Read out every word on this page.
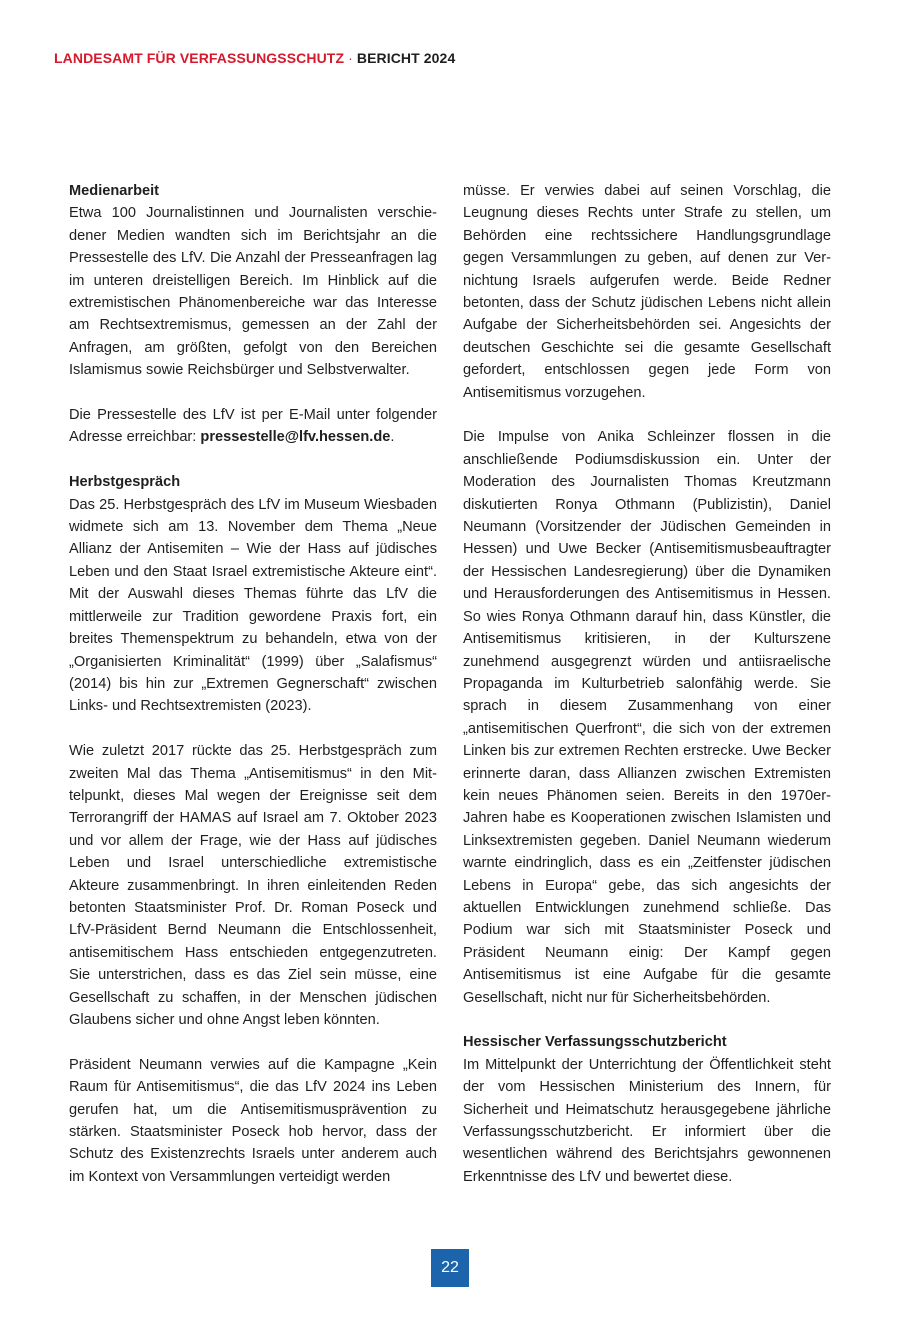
LANDESAMT FÜR VERFASSUNGSSCHUTZ · BERICHT 2024
Medienarbeit

Etwa 100 Journalistinnen und Journalisten verschiedener Medien wandten sich im Berichtsjahr an die Pressestelle des LfV. Die Anzahl der Presseanfragen lag im unteren dreistelligen Bereich. Im Hinblick auf die extremistischen Phänomenbereiche war das Interesse am Rechtsextremismus, gemessen an der Zahl der Anfragen, am größten, gefolgt von den Bereichen Islamismus sowie Reichsbürger und Selbstverwalter.

Die Pressestelle des LfV ist per E-Mail unter folgender Adresse erreichbar: pressestelle@lfv.hessen.de.

Herbstgespräch

Das 25. Herbstgespräch des LfV im Museum Wiesbaden widmete sich am 13. November dem Thema „Neue Allianz der Antisemiten – Wie der Hass auf jüdisches Leben und den Staat Israel extremistische Akteure eint“. Mit der Auswahl dieses Themas führte das LfV die mittlerweile zur Tradition gewordene Praxis fort, ein breites Themenspektrum zu behandeln, etwa von der „Organisierten Kriminalität“ (1999) über „Salafismus“ (2014) bis hin zur „Extremen Gegnerschaft“ zwischen Links- und Rechtsextremisten (2023).

Wie zuletzt 2017 rückte das 25. Herbstgespräch zum zweiten Mal das Thema „Antisemitismus“ in den Mittelpunkt, dieses Mal wegen der Ereignisse seit dem Terrorangriff der HAMAS auf Israel am 7. Oktober 2023 und vor allem der Frage, wie der Hass auf jüdisches Leben und Israel unterschiedliche extremistische Akteure zusammenbringt. In ihren einleitenden Reden betonten Staatsminister Prof. Dr. Roman Poseck und LfV-Präsident Bernd Neumann die Entschlossenheit, antisemitischem Hass entschieden entgegenzutreten. Sie unterstrichen, dass es das Ziel sein müsse, eine Gesellschaft zu schaffen, in der Menschen jüdischen Glaubens sicher und ohne Angst leben könnten.

Präsident Neumann verwies auf die Kampagne „Kein Raum für Antisemitismus“, die das LfV 2024 ins Leben gerufen hat, um die Antisemitismusprävention zu stärken. Staatsminister Poseck hob hervor, dass der Schutz des Existenzrechts Israels unter anderem auch im Kontext von Versammlungen verteidigt werden

müsse. Er verwies dabei auf seinen Vorschlag, die Leugnung dieses Rechts unter Strafe zu stellen, um Behörden eine rechtssichere Handlungsgrundlage gegen Versammlungen zu geben, auf denen zur Vernichtung Israels aufgerufen werde. Beide Redner betonten, dass der Schutz jüdischen Lebens nicht allein Aufgabe der Sicherheitsbehörden sei. Angesichts der deutschen Geschichte sei die gesamte Gesellschaft gefordert, entschlossen gegen jede Form von Antisemitismus vorzugehen.

Die Impulse von Anika Schleinzer flossen in die anschließende Podiumsdiskussion ein. Unter der Moderation des Journalisten Thomas Kreutzmann diskutierten Ronya Othmann (Publizistin), Daniel Neumann (Vorsitzender der Jüdischen Gemeinden in Hessen) und Uwe Becker (Antisemitismusbeauftragter der Hessischen Landesregierung) über die Dynamiken und Herausforderungen des Antisemitismus in Hessen. So wies Ronya Othmann darauf hin, dass Künstler, die Antisemitismus kritisieren, in der Kulturszene zunehmend ausgegrenzt würden und antiisraelische Propaganda im Kulturbetrieb salonfähig werde. Sie sprach in diesem Zusammenhang von einer „antisemitischen Querfront“, die sich von der extremen Linken bis zur extremen Rechten erstrecke. Uwe Becker erinnerte daran, dass Allianzen zwischen Extremisten kein neues Phänomen seien. Bereits in den 1970er-Jahren habe es Kooperationen zwischen Islamisten und Linksextremisten gegeben. Daniel Neumann wiederum warnte eindringlich, dass es ein „Zeitfenster jüdischen Lebens in Europa“ gebe, das sich angesichts der aktuellen Entwicklungen zunehmend schließe. Das Podium war sich mit Staatsminister Poseck und Präsident Neumann einig: Der Kampf gegen Antisemitismus ist eine Aufgabe für die gesamte Gesellschaft, nicht nur für Sicherheitsbehörden.

Hessischer Verfassungsschutzbericht

Im Mittelpunkt der Unterrichtung der Öffentlichkeit steht der vom Hessischen Ministerium des Innern, für Sicherheit und Heimatschutz herausgegebene jährliche Verfassungsschutzbericht. Er informiert über die wesentlichen während des Berichtsjahrs gewonnenen Erkenntnisse des LfV und bewertet diese.

22
